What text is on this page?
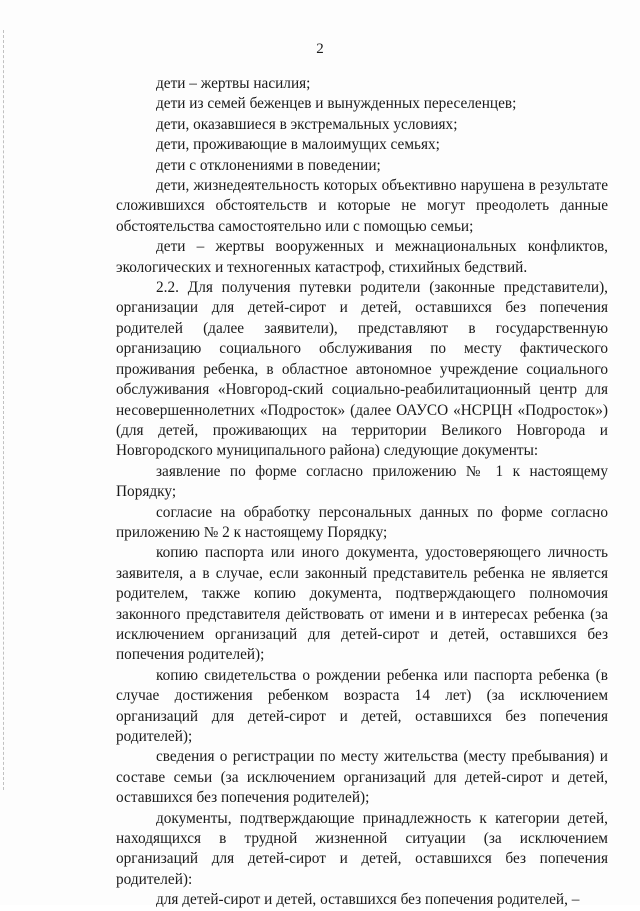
2

дети – жертвы насилия;

дети из семей беженцев и вынужденных переселенцев;

дети, оказавшиеся в экстремальных условиях;

дети, проживающие в малоимущих семьях;

дети с отклонениями в поведении;

дети, жизнедеятельность которых объективно нарушена в результате сложившихся обстоятельств и которые не могут преодолеть данные обстоятельства самостоятельно или с помощью семьи;

дети – жертвы вооруженных и межнациональных конфликтов, экологических и техногенных катастроф, стихийных бедствий.

2.2. Для получения путевки родители (законные представители), организации для детей-сирот и детей, оставшихся без попечения родителей (далее заявители), представляют в государственную организацию социального обслуживания по месту фактического проживания ребенка, в областное автономное учреждение социального обслуживания «Новгород-ский социально-реабилитационный центр для несовершеннолетних «Подросток» (далее ОАУСО «НСРЦН «Подросток») (для детей, проживающих на территории Великого Новгорода и Новгородского муниципального района) следующие документы:

заявление по форме согласно приложению № 1 к настоящему Порядку;

согласие на обработку персональных данных по форме согласно приложению № 2 к настоящему Порядку;

копию паспорта или иного документа, удостоверяющего личность заявителя, а в случае, если законный представитель ребенка не является родителем, также копию документа, подтверждающего полномочия законного представителя действовать от имени и в интересах ребенка (за исключением организаций для детей-сирот и детей, оставшихся без попечения родителей);

копию свидетельства о рождении ребенка или паспорта ребенка (в случае достижения ребенком возраста 14 лет) (за исключением организаций для детей-сирот и детей, оставшихся без попечения родителей);

сведения о регистрации по месту жительства (месту пребывания) и составе семьи (за исключением организаций для детей-сирот и детей, оставшихся без попечения родителей);

документы, подтверждающие принадлежность к категории детей, находящихся в трудной жизненной ситуации (за исключением организаций для детей-сирот и детей, оставшихся без попечения родителей):

для детей-сирот и детей, оставшихся без попечения родителей, –
